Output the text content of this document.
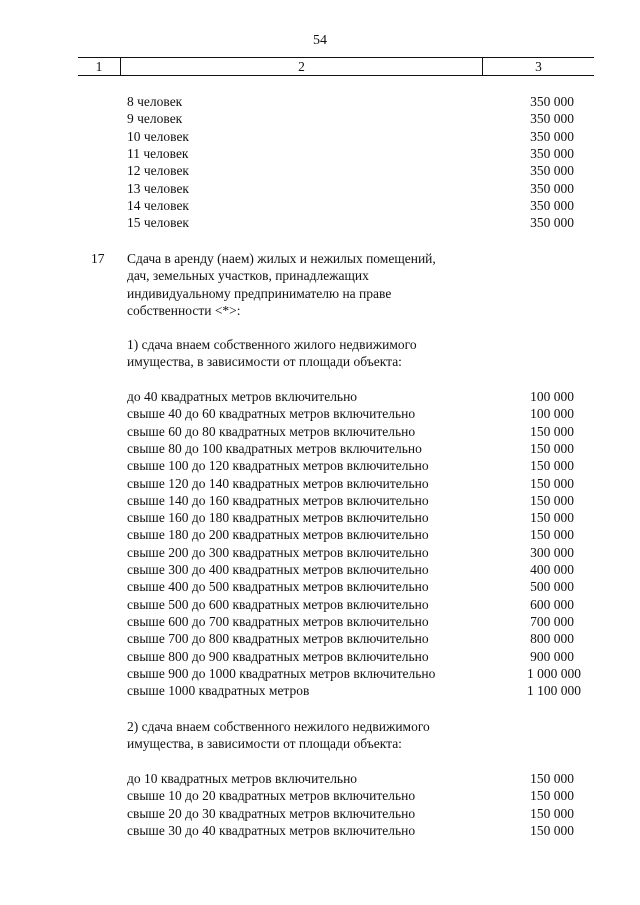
54
1	2	3
8 человек	350 000
9 человек	350 000
10 человек	350 000
11 человек	350 000
12 человек	350 000
13 человек	350 000
14 человек	350 000
15 человек	350 000
17 Сдача в аренду (наем) жилых и нежилых помещений,
дач, земельных участков, принадлежащих
индивидуальному предпринимателю на праве
собственности <*>:
1) сдача внаем собственного жилого недвижимого
имущества, в зависимости от площади объекта:
до 40 квадратных метров включительно	100 000
свыше 40 до 60 квадратных метров включительно	100 000
свыше 60 до 80 квадратных метров включительно	150 000
свыше 80 до 100 квадратных метров включительно	150 000
свыше 100 до 120 квадратных метров включительно	150 000
свыше 120 до 140 квадратных метров включительно	150 000
свыше 140 до 160 квадратных метров включительно	150 000
свыше 160 до 180 квадратных метров включительно	150 000
свыше 180 до 200 квадратных метров включительно	150 000
свыше 200 до 300 квадратных метров включительно	300 000
свыше 300 до 400 квадратных метров включительно	400 000
свыше 400 до 500 квадратных метров включительно	500 000
свыше 500 до 600 квадратных метров включительно	600 000
свыше 600 до 700 квадратных метров включительно	700 000
свыше 700 до 800 квадратных метров включительно	800 000
свыше 800 до 900 квадратных метров включительно	900 000
свыше 900 до 1000 квадратных метров включительно	1 000 000
свыше 1000 квадратных метров	1 100 000
2) сдача внаем собственного нежилого недвижимого
имущества, в зависимости от площади объекта:
до 10 квадратных метров включительно	150 000
свыше 10 до 20 квадратных метров включительно	150 000
свыше 20 до 30 квадратных метров включительно	150 000
свыше 30 до 40 квадратных метров включительно	150 000
